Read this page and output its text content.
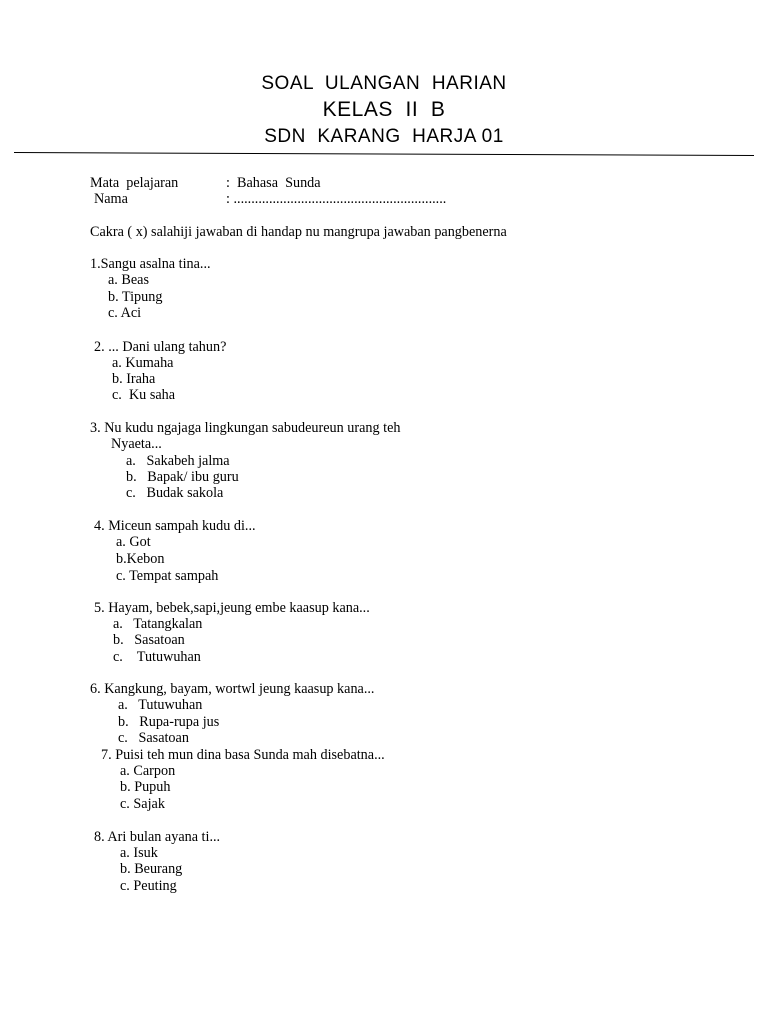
SOAL  ULANGAN  HARIAN
KELAS  II  B
SDN  KARANG  HARJA 01
Mata  pelajaran	:  Bahasa  Sunda
Nama	: ............................................................
Cakra ( x) salahiji jawaban di handap nu mangrupa jawaban pangbenerna
1.Sangu asalna tina...
a. Beas
b. Tipung
c. Aci
2. ... Dani ulang tahun?
a. Kumaha
b. Iraha
c.  Ku saha
3. Nu kudu ngajaga lingkungan sabudeureun urang teh
Nyaeta...
a.   Sakabeh jalma
b.   Bapak/ ibu guru
c.   Budak sakola
4. Miceun sampah kudu di...
a. Got
b.Kebon
c. Tempat sampah
5. Hayam, bebek,sapi,jeung embe kaasup kana...
a.   Tatangkalan
b.   Sasatoan
c.    Tutuwuhan
6. Kangkung, bayam, wortwl jeung kaasup kana...
a.   Tutuwuhan
b.   Rupa-rupa jus
c.   Sasatoan
7. Puisi teh mun dina basa Sunda mah disebatna...
a. Carpon
b. Pupuh
c. Sajak
8. Ari bulan ayana ti...
a. Isuk
b. Beurang
c. Peuting
